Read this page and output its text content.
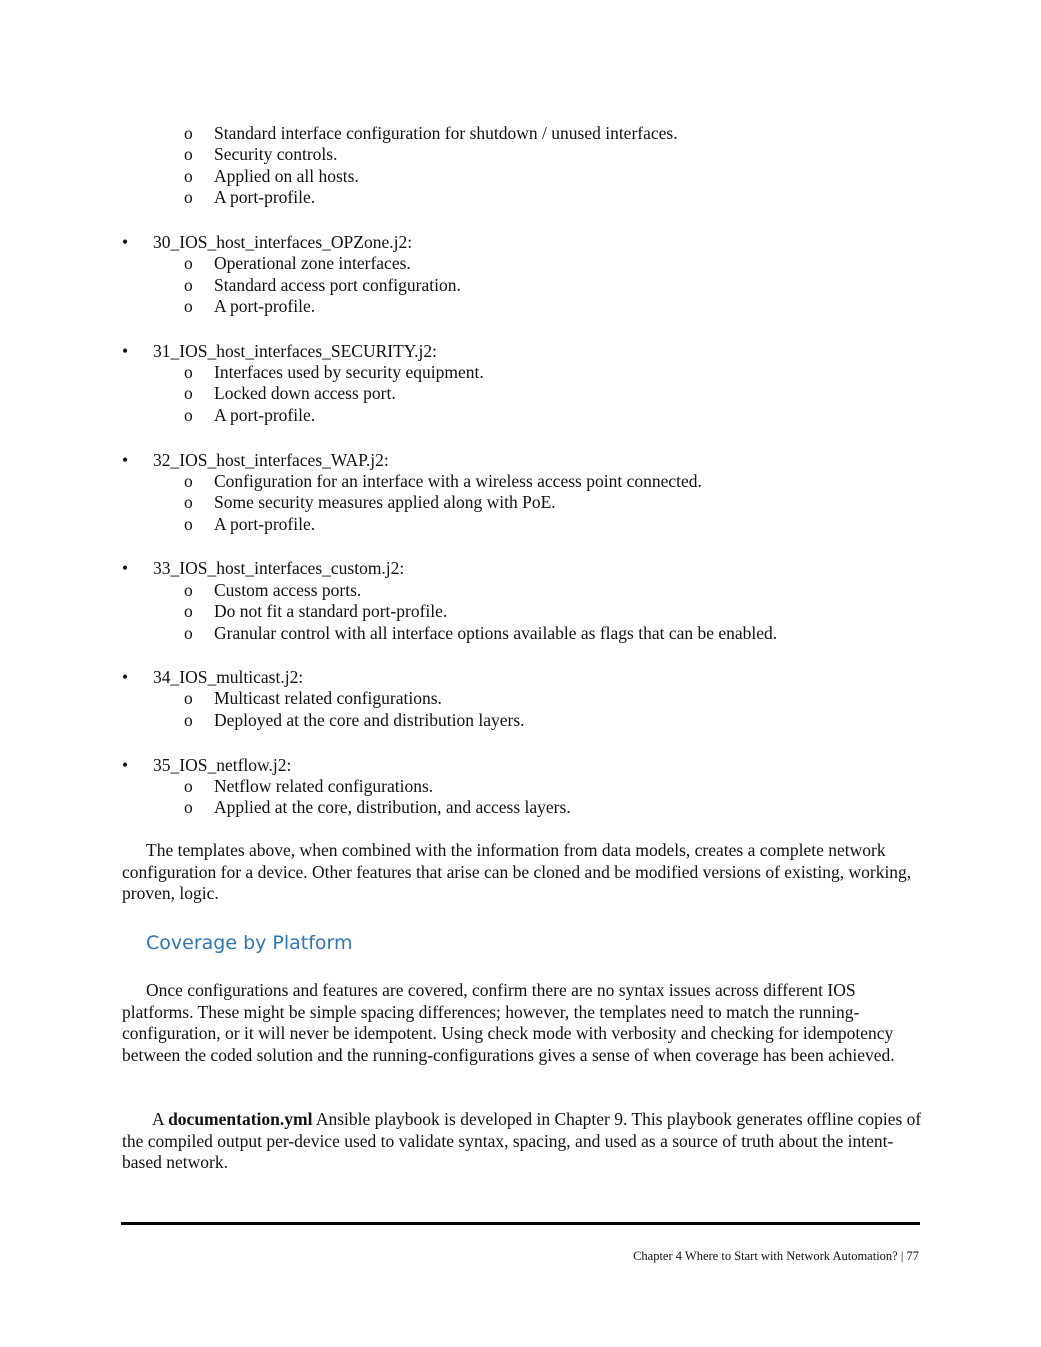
o Standard interface configuration for shutdown / unused interfaces.
o Security controls.
o Applied on all hosts.
o A port-profile.
• 30_IOS_host_interfaces_OPZone.j2:
o Operational zone interfaces.
o Standard access port configuration.
o A port-profile.
• 31_IOS_host_interfaces_SECURITY.j2:
o Interfaces used by security equipment.
o Locked down access port.
o A port-profile.
• 32_IOS_host_interfaces_WAP.j2:
o Configuration for an interface with a wireless access point connected.
o Some security measures applied along with PoE.
o A port-profile.
• 33_IOS_host_interfaces_custom.j2:
o Custom access ports.
o Do not fit a standard port-profile.
o Granular control with all interface options available as flags that can be enabled.
• 34_IOS_multicast.j2:
o Multicast related configurations.
o Deployed at the core and distribution layers.
• 35_IOS_netflow.j2:
o Netflow related configurations.
o Applied at the core, distribution, and access layers.

The templates above, when combined with the information from data models, creates a complete network configuration for a device. Other features that arise can be cloned and be modified versions of existing, working, proven, logic.

Coverage by Platform

Once configurations and features are covered, confirm there are no syntax issues across different IOS platforms. These might be simple spacing differences; however, the templates need to match the running-configuration, or it will never be idempotent. Using check mode with verbosity and checking for idempotency between the coded solution and the running-configurations gives a sense of when coverage has been achieved.

A documentation.yml Ansible playbook is developed in Chapter 9. This playbook generates offline copies of the compiled output per-device used to validate syntax, spacing, and used as a source of truth about the intent-based network.

Chapter 4 Where to Start with Network Automation? | 77
